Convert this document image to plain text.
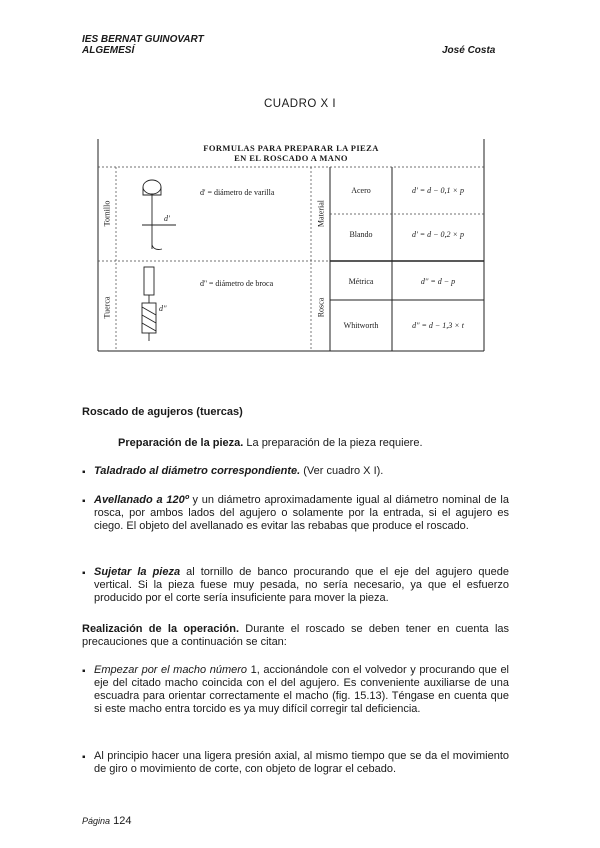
IES BERNAT GUINOVART
ALGEMESÍ	José Costa
CUADRO X I
FORMULAS PARA PREPARAR LA PIEZA
EN EL ROSCADO A MANO
Tornillo
d' = diámetro de varilla
d'	Material
Acero	d' = d − 0,1 × p
Blando	d' = d − 0,2 × p
Tuerca
d'' = diámetro de broca
d''	Rosca
Métrica	d'' = d − p
Whitworth	d'' = d − 1,3 × t
Roscado de agujeros (tuercas)
Preparación de la pieza. La preparación de la pieza requiere.
▪ Taladrado al diámetro correspondiente. (Ver cuadro X I).
▪ Avellanado a 120º y un diámetro aproximadamente igual al diámetro nominal de la rosca, por ambos lados del agujero o solamente por la entrada, si el agujero es ciego. El objeto del avellanado es evitar las rebabas que produce el roscado.
▪ Sujetar la pieza al tornillo de banco procurando que el eje del agujero quede vertical. Si la pieza fuese muy pesada, no sería necesario, ya que el esfuerzo producido por el corte sería insuficiente para mover la pieza.
Realización de la operación. Durante el roscado se deben tener en cuenta las precauciones que a continuación se citan:
▪ Empezar por el macho número 1, accionándole con el volvedor y procurando que el eje del citado macho coincida con el del agujero. Es conveniente auxiliarse de una escuadra para orientar correctamente el macho (fig. 15.13). Téngase en cuenta que si este macho entra torcido es ya muy difícil corregir tal deficiencia.
▪ Al principio hacer una ligera presión axial, al mismo tiempo que se da el movimiento de giro o movimiento de corte, con objeto de lograr el cebado.
Página 124
